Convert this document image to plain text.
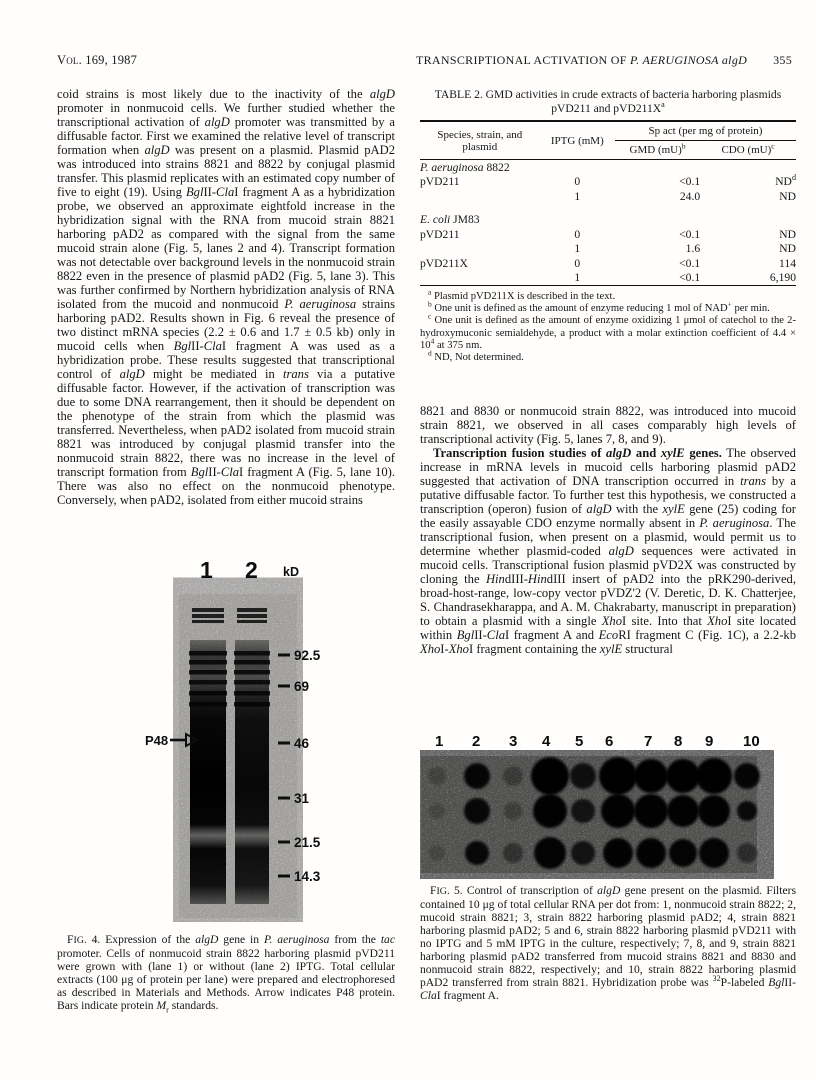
Vol. 169, 1987	TRANSCRIPTIONAL ACTIVATION OF P. AERUGINOSA algD 355

coid strains is most likely due to the inactivity of the algD promoter in nonmucoid cells. We further studied whether the transcriptional activation of algD promoter was transmitted by a diffusable factor. First we examined the relative level of transcript formation when algD was present on a plasmid. Plasmid pAD2 was introduced into strains 8821 and 8822 by conjugal plasmid transfer. This plasmid replicates with an estimated copy number of five to eight (19). Using BglII-ClaI fragment A as a hybridization probe, we observed an approximate eightfold increase in the hybridization signal with the RNA from mucoid strain 8821 harboring pAD2 as compared with the signal from the same mucoid strain alone (Fig. 5, lanes 2 and 4). Transcript formation was not detectable over background levels in the nonmucoid strain 8822 even in the presence of plasmid pAD2 (Fig. 5, lane 3). This was further confirmed by Northern hybridization analysis of RNA isolated from the mucoid and nonmucoid P. aeruginosa strains harboring pAD2. Results shown in Fig. 6 reveal the presence of two distinct mRNA species (2.2 ± 0.6 and 1.7 ± 0.5 kb) only in mucoid cells when BglII-ClaI fragment A was used as a hybridization probe. These results suggested that transcriptional control of algD might be mediated in trans via a putative diffusable factor. However, if the activation of transcription was due to some DNA rearrangement, then it should be dependent on the phenotype of the strain from which the plasmid was transferred. Nevertheless, when pAD2 isolated from mucoid strain 8821 was introduced by conjugal plasmid transfer into the nonmucoid strain 8822, there was no increase in the level of transcript formation from BglII-ClaI fragment A (Fig. 5, lane 10). There was also no effect on the nonmucoid phenotype. Conversely, when pAD2, isolated from either mucoid strains

TABLE 2. GMD activities in crude extracts of bacteria harboring plasmids pVD211 and $pVD211X^a$
Species, strain, and plasmid	IPTG (mM)	Sp act (per mg of protein)	
		GMD (mU)$^b$	CDO (mU)$^c$
P. aeruginosa 8822			
pVD211	0	<0.1	$ND^d$
	1	24.0	ND

E. coli JM83			
pVD211	0	<0.1	ND
	1	1.6	ND
pVD211X	0	<0.1	114
	1	<0.1	6,190
$^a$ Plasmid pVD211X is described in the text.
$^b$ One unit is defined as the amount of enzyme reducing 1 mol of NAD+ per min.
$^c$ One unit is defined as the amount of enzyme oxidizing 1 μmol of catechol to the 2-hydroxymuconic semialdehyde, a product with a molar extinction coefficient of $4.4 \times 10^4$ at 375 nm.
$^d$ ND, Not determined.

8821 and 8830 or nonmucoid strain 8822, was introduced into mucoid strain 8821, we observed in all cases comparably high levels of transcriptional activity (Fig. 5, lanes 7, 8, and 9).

Transcription fusion studies of algD and xylE genes. The observed increase in mRNA levels in mucoid cells harboring plasmid pAD2 suggested that activation of DNA transcription occurred in trans by a putative diffusable factor. To further test this hypothesis, we constructed a transcription (operon) fusion of algD with the xylE gene (25) coding for the easily assayable CDO enzyme normally absent in P. aeruginosa. The transcriptional fusion, when present on a plasmid, would permit us to determine whether plasmid-coded algD sequences were activated in mucoid cells. Transcriptional fusion plasmid pVD2X was constructed by cloning the HindIII-HindIII insert of pAD2 into the pRK290-derived, broad-host-range, low-copy vector pVDZ'2 (V. Deretic, D. K. Chatterjee, S. Chandrasekharappa, and A. M. Chakrabarty, manuscript in preparation) to obtain a plasmid with a single XhoI site. Into that XhoI site located within BglII-ClaI fragment A and EcoRI fragment C (Fig. 1C), a 2.2-kb XhoI-XhoI fragment containing the xylE structural

1 2 kD
92.5
69
46
31
21.5
14.3
P48
FIG. 4. Expression of the algD gene in P. aeruginosa from the tac promoter. Cells of nonmucoid strain 8822 harboring plasmid pVD211 were grown with (lane 1) or without (lane 2) IPTG. Total cellular extracts (100 μg of protein per lane) were prepared and electrophoresed as described in Materials and Methods. Arrow indicates P48 protein. Bars indicate protein $M_r$ standards.
1 2 3 4 5 6 7 8 9 10
FIG. 5. Control of transcription of algD gene present on the plasmid. Filters contained 10 μg of total cellular RNA per dot from: 1, nonmucoid strain 8822; 2, mucoid strain 8821; 3, strain 8822 harboring plasmid pAD2; 4, strain 8821 harboring plasmid pAD2; 5 and 6, strain 8822 harboring plasmid pVD211 with no IPTG and 5 mM IPTG in the culture, respectively; 7, 8, and 9, strain 8821 harboring plasmid pAD2 transferred from mucoid strains 8821 and 8830 and nonmucoid strain 8822, respectively; and 10, strain 8822 harboring plasmid pAD2 transferred from strain 8821. Hybridization probe was $^{32}$P-labeled BglII-ClaI fragment A.
